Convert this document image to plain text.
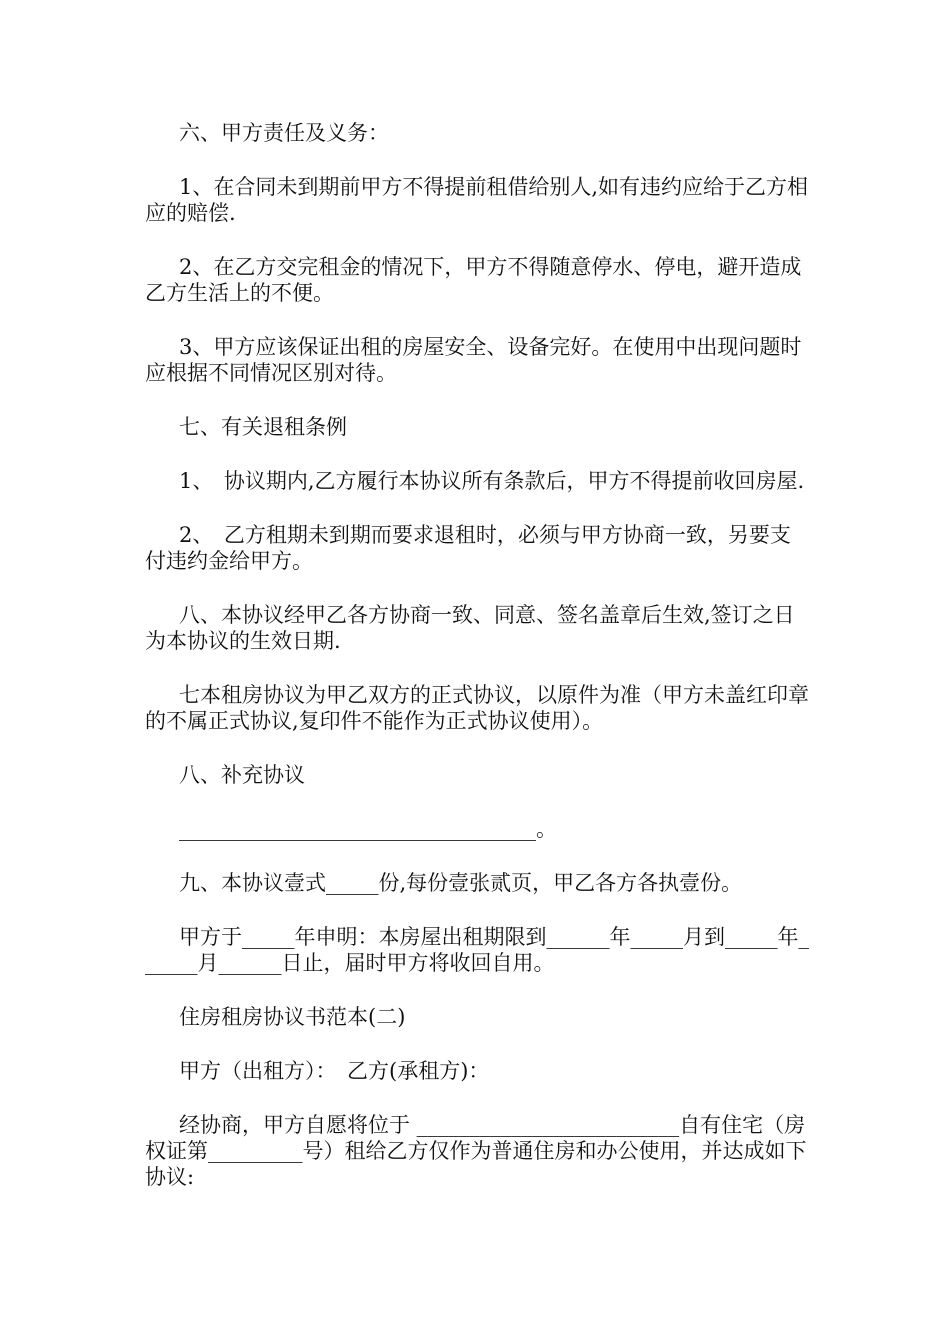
六、甲方责任及义务：

1、在合同未到期前甲方不得提前租借给别人,如有违约应给于乙方相应的赔偿.

2、在乙方交完租金的情况下，甲方不得随意停水、停电，避开造成乙方生活上的不便。

3、甲方应该保证出租的房屋安全、设备完好。在使用中出现问题时应根据不同情况区别对待。

七、有关退租条例

1、　协议期内,乙方履行本协议所有条款后，甲方不得提前收回房屋.

2、　乙方租期未到期而要求退租时，必须与甲方协商一致，另要支付违约金给甲方。

八、本协议经甲乙各方协商一致、同意、签名盖章后生效,签订之日为本协议的生效日期.

七本租房协议为甲乙双方的正式协议，以原件为准（甲方未盖红印章的不属正式协议,复印件不能作为正式协议使用）。

八、补充协议

__________________________________。

九、本协议壹式_____份,每份壹张贰页，甲乙各方各执壹份。

甲方于_____年申明：本房屋出租期限到______年_____月到_____年______月______日止，届时甲方将收回自用。

住房租房协议书范本(二)

甲方（出租方）：　乙方(承租方)：

经协商，甲方自愿将位于 _________________________自有住宅（房权证第_________号）租给乙方仅作为普通住房和办公使用，并达成如下协议:
